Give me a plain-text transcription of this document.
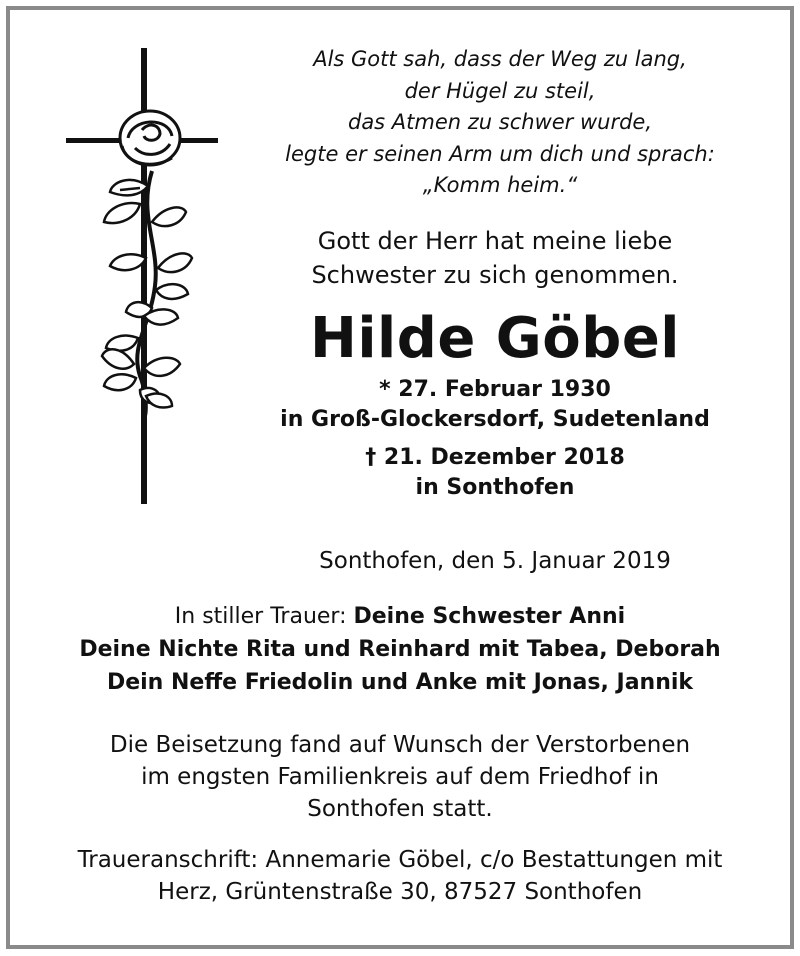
Als Gott sah, dass der Weg zu lang,
der Hügel zu steil,
das Atmen zu schwer wurde,
legte er seinen Arm um dich und sprach:
„Komm heim.“
Gott der Herr hat meine liebe
Schwester zu sich genommen.
Hilde Göbel
* 27. Februar 1930
in Groß-Glockersdorf, Sudetenland
† 21. Dezember 2018
in Sonthofen
Sonthofen, den 5. Januar 2019
In stiller Trauer: Deine Schwester Anni
Deine Nichte Rita und Reinhard mit Tabea, Deborah
Dein Neffe Friedolin und Anke mit Jonas, Jannik
Die Beisetzung fand auf Wunsch der Verstorbenen
im engsten Familienkreis auf dem Friedhof in
Sonthofen statt.
Traueranschrift: Annemarie Göbel, c/o Bestattungen mit
Herz, Grüntenstraße 30, 87527 Sonthofen
